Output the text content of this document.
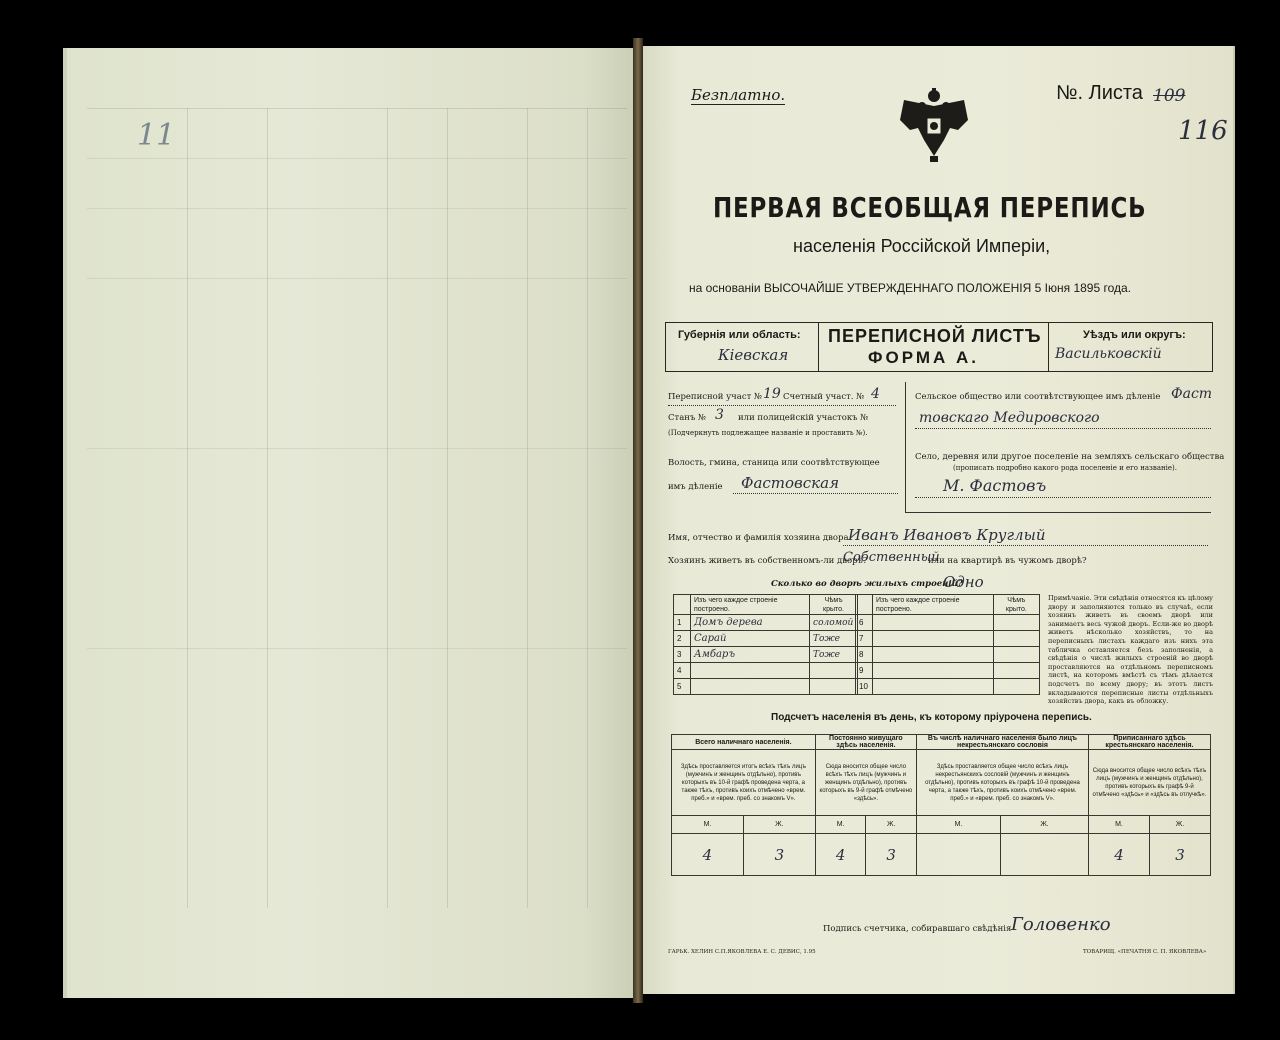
11
Безплатно.	№. Листа 109
116
ПЕРВАЯ ВСЕОБЩАЯ ПЕРЕПИСЬ
населенія Россійской Имперіи,
на основаніи ВЫСОЧАЙШЕ УТВЕРЖДЕННАГО ПОЛОЖЕНІЯ 5 Іюня 1895 года.
Губернія или область:
Кіевская
ПЕРЕПИСНОЙ ЛИСТЪ
ФОРМА А.
Уѣздъ или округъ:
Васильковскій
Переписной участ № 19 Счетный участ. № 4
Станъ № 3 или полицейскій участокъ №
(Подчеркнуть подлежащее названіе и проставить №).
Волость, гмина, станица или соотвѣтствующее
имъ дѣленіе Фастовская
Сельское общество или соотвѣтствующее имъ дѣленіе Фаст
товскаго Медировского
Село, деревня или другое поселеніе на земляхъ сельскаго общества
(прописать подробно какого рода поселеніе и его названіе).
М. Фастовъ
Имя, отчество и фамилія хозяина двора Иванъ Ивановъ Круглый
Хозяинъ живетъ въ собственномъ-ли дворѣ?
Собственный
или на квартирѣ въ чужомъ дворѣ?
Сколько во дворѣ жилыхъ строеній?
Одно
	Изъ чего каждое строеніе построено.	Чѣмъ крыто.
1	Домъ дерева	соломой
2	Сарай	Тоже
3	Амбаръ	Тоже
4		
5		
	Изъ чего каждое строеніе построено.	Чѣмъ крыто.
6		
7		
8		
9		
10		
Примѣчаніе. Эти свѣдѣнія относятся къ цѣлому двору и заполняются только въ случаѣ, если хозяинъ живетъ въ своемъ дворѣ или занимаетъ весь чужой дворъ. Если-же во дворѣ живетъ нѣсколько хозяйствъ, то на переписныхъ листахъ каждаго изъ нихъ эта табличка оставляется безъ заполненія, а свѣдѣнія о числѣ жилыхъ строеній во дворѣ проставляются на отдѣльномъ переписномъ листѣ, на которомъ вмѣстѣ съ тѣмъ дѣлается подсчетъ по всему двору; въ этотъ листъ вкладываются переписные листы отдѣльныхъ хозяйствъ двора, какъ въ обложку.
Подсчетъ населенія въ день, къ которому пріурочена перепись.
Всего наличнаго населенія.		Постоянно живущаго здѣсь населенія.		Въ числѣ наличнаго населенія было лицъ некрестьянскаго сословія		Приписаннаго здѣсь крестьянскаго населенія.	
Здѣсь проставляется итогъ всѣхъ тѣхъ лицъ (мужчинъ и женщинъ отдѣльно), противъ которыхъ въ 10-й графѣ проведена черта, а также тѣхъ, противъ коихъ отмѣчено «врем. преб.» и «врем. преб. со знакомъ V».		Сюда вносится общее число всѣхъ тѣхъ лицъ (мужчинъ и женщинъ отдѣльно), противъ которыхъ въ 9-й графѣ отмѣчено «здѣсь».		Здѣсь проставляется общее число всѣхъ лицъ некрестьянскихъ сословій (мужчинъ и женщинъ отдѣльно), противъ которыхъ въ графѣ 10-й проведена черта, а также тѣхъ, противъ коихъ отмѣчено «врем. преб.» и «врем. преб. со знакомъ V».		Сюда вносится общее число всѣхъ тѣхъ лицъ (мужчинъ и женщинъ отдѣльно), противъ которыхъ въ графѣ 9-й отмѣчено «здѣсь» и «здѣсь въ отлучкѣ».	
М.	Ж.	М.	Ж.	М.	Ж.	М.	Ж.
4	3	4	3			4	3
Подпись счетчика, собиравшаго свѣдѣнія Головенко
ГАРЬК. ХЕЛИН С.П.ЯКОВЛЕВА Е. С. ДЕВИС, 1.95	ТОВАРИЩ. «ПЕЧАТНЯ С. П. ЯКОВЛЕВА»
